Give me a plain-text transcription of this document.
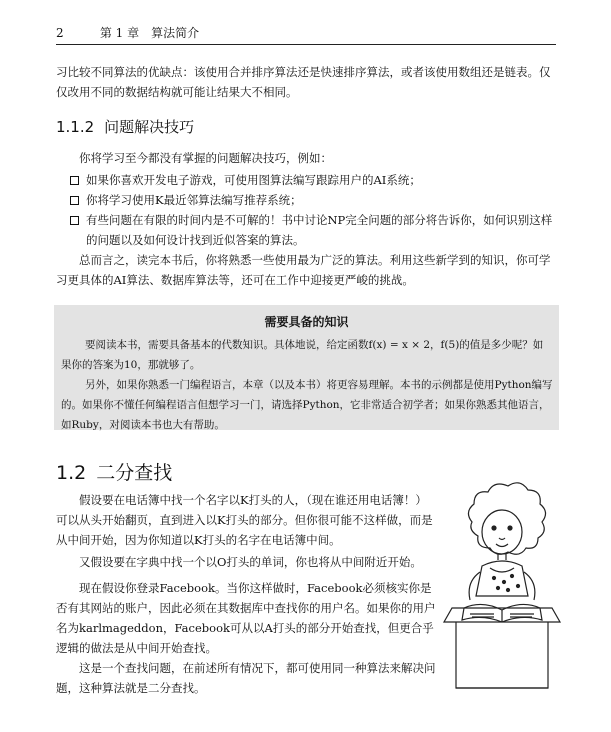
2	第 1 章　算法简介
习比较不同算法的优缺点：该使用合并排序算法还是快速排序算法，或者该使用数组还是链表。仅仅改用不同的数据结构就可能让结果大不相同。
1.1.2 问题解决技巧
你将学习至今都没有掌握的问题解决技巧，例如：
如果你喜欢开发电子游戏，可使用图算法编写跟踪用户的AI系统；
你将学习使用K最近邻算法编写推荐系统；
有些问题在有限的时间内是不可解的！书中讨论NP完全问题的部分将告诉你，如何识别这样的问题以及如何设计找到近似答案的算法。
总而言之，读完本书后，你将熟悉一些使用最为广泛的算法。利用这些新学到的知识，你可学习更具体的AI算法、数据库算法等，还可在工作中迎接更严峻的挑战。
需要具备的知识
要阅读本书，需要具备基本的代数知识。具体地说，给定函数f(x) = x × 2，f(5)的值是多少呢？如果你的答案为10，那就够了。
另外，如果你熟悉一门编程语言，本章（以及本书）将更容易理解。本书的示例都是使用Python编写的。如果你不懂任何编程语言但想学习一门，请选择Python，它非常适合初学者；如果你熟悉其他语言，如Ruby，对阅读本书也大有帮助。
1.2 二分查找
假设要在电话簿中找一个名字以K打头的人，（现在谁还用电话簿！）可以从头开始翻页，直到进入以K打头的部分。但你很可能不这样做，而是从中间开始，因为你知道以K打头的名字在电话簿中间。
又假设要在字典中找一个以O打头的单词，你也将从中间附近开始。
现在假设你登录Facebook。当你这样做时，Facebook必须核实你是否有其网站的账户，因此必须在其数据库中查找你的用户名。如果你的用户名为karlmageddon，Facebook可从以A打头的部分开始查找，但更合乎逻辑的做法是从中间开始查找。
这是一个查找问题，在前述所有情况下，都可使用同一种算法来解决问题，这种算法就是二分查找。
